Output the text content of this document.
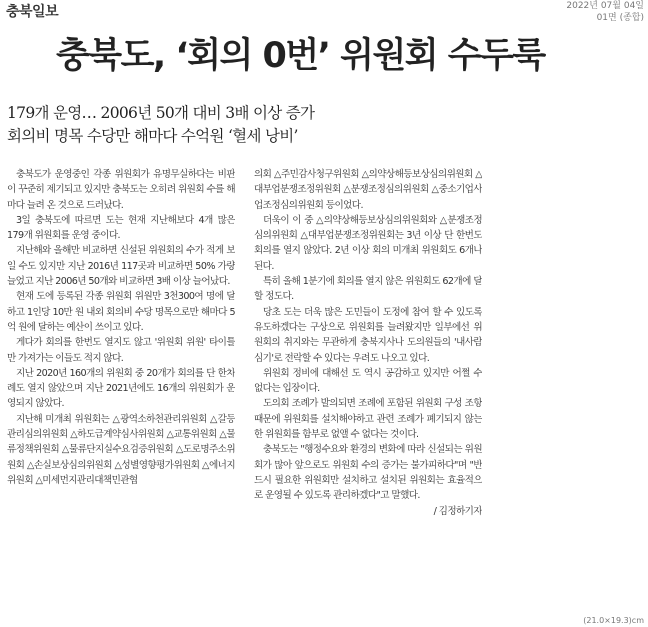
충북일보	2022년 07월 04일
01면 (종합)
충북도, ‘회의 0번’ 위원회 수두룩
179개 운영… 2006년 50개 대비 3배 이상 증가
회의비 명목 수당만 해마다 수억원 ‘혈세 낭비’

충북도가 운영중인 각종 위원회가 유명무실하다는 비판이 꾸준히 제기되고 있지만 충북도는 오히려 위원회 수를 해마다 늘려 온 것으로 드러났다.

3일 충북도에 따르면 도는 현재 지난해보다 4개 많은 179개 위원회를 운영 중이다.

지난해와 올해만 비교하면 신설된 위원회의 수가 적게 보일 수도 있지만 지난 2016년 117곳과 비교하면 50% 가량 늘었고 지난 2006년 50개와 비교하면 3배 이상 늘어났다.

현재 도에 등록된 각종 위원회 위원만 3천300여 명에 달하고 1인당 10만 원 내외 회의비 수당 명목으로만 해마다 5억 원에 달하는 예산이 쓰이고 있다.

게다가 회의를 한번도 열지도 않고 '위원회 위원' 타이틀만 가져가는 이들도 적지 않다.

지난 2020년 160개의 위원회 중 20개가 회의를 단 한차례도 열지 않았으며 지난 2021년에도 16개의 위원회가 운영되지 않았다.

지난해 미개최 위원회는 △광역소하천관리위원회 △갈등관리심의위원회 △하도급계약심사위원회 △교통위원회 △물류정책위원회 △물류단지실수요검증위원회 △도로명주소위원회 △손실보상심의위원회 △성별영향평가위원회 △에너지위원회 △미세먼지관리대책민관협

의회 △주민감사청구위원회 △의약상해등보상심의위원회 △대부업분쟁조정위원회 △분쟁조정심의위원회 △중소기업사업조정심의위원회 등이었다.

더욱이 이 중 △의약상해등보상심의위원회와 △분쟁조정심의위원회 △대부업분쟁조정위원회는 3년 이상 단 한번도 회의를 열지 않았다. 2년 이상 회의 미개최 위원회도 6개나 된다.

특히 올해 1분기에 회의를 열지 않은 위원회도 62개에 달할 정도다.

당초 도는 더욱 많은 도민들이 도정에 참여 할 수 있도록 유도하겠다는 구상으로 위원회를 늘려왔지만 일부에선 위원회의 취지와는 무관하게 충북지사나 도의원들의 '내사람 심기'로 전락할 수 있다는 우려도 나오고 있다.

위원회 정비에 대해선 도 역시 공감하고 있지만 어쩔 수 없다는 입장이다.

도의회 조례가 발의되면 조례에 포함된 위원회 구성 조항 때문에 위원회를 설치해야하고 관련 조례가 폐기되지 않는 한 위원회를 함부로 없앨 수 없다는 것이다.

충북도는 "행정수요와 환경의 변화에 따라 신설되는 위원회가 많아 앞으로도 위원회 수의 증가는 불가피하다"며 "반드시 필요한 위원회만 설치하고 설치된 위원회는 효율적으로 운영될 수 있도록 관리하겠다"고 말했다.

/ 김정하기자

(21.0×19.3)cm
